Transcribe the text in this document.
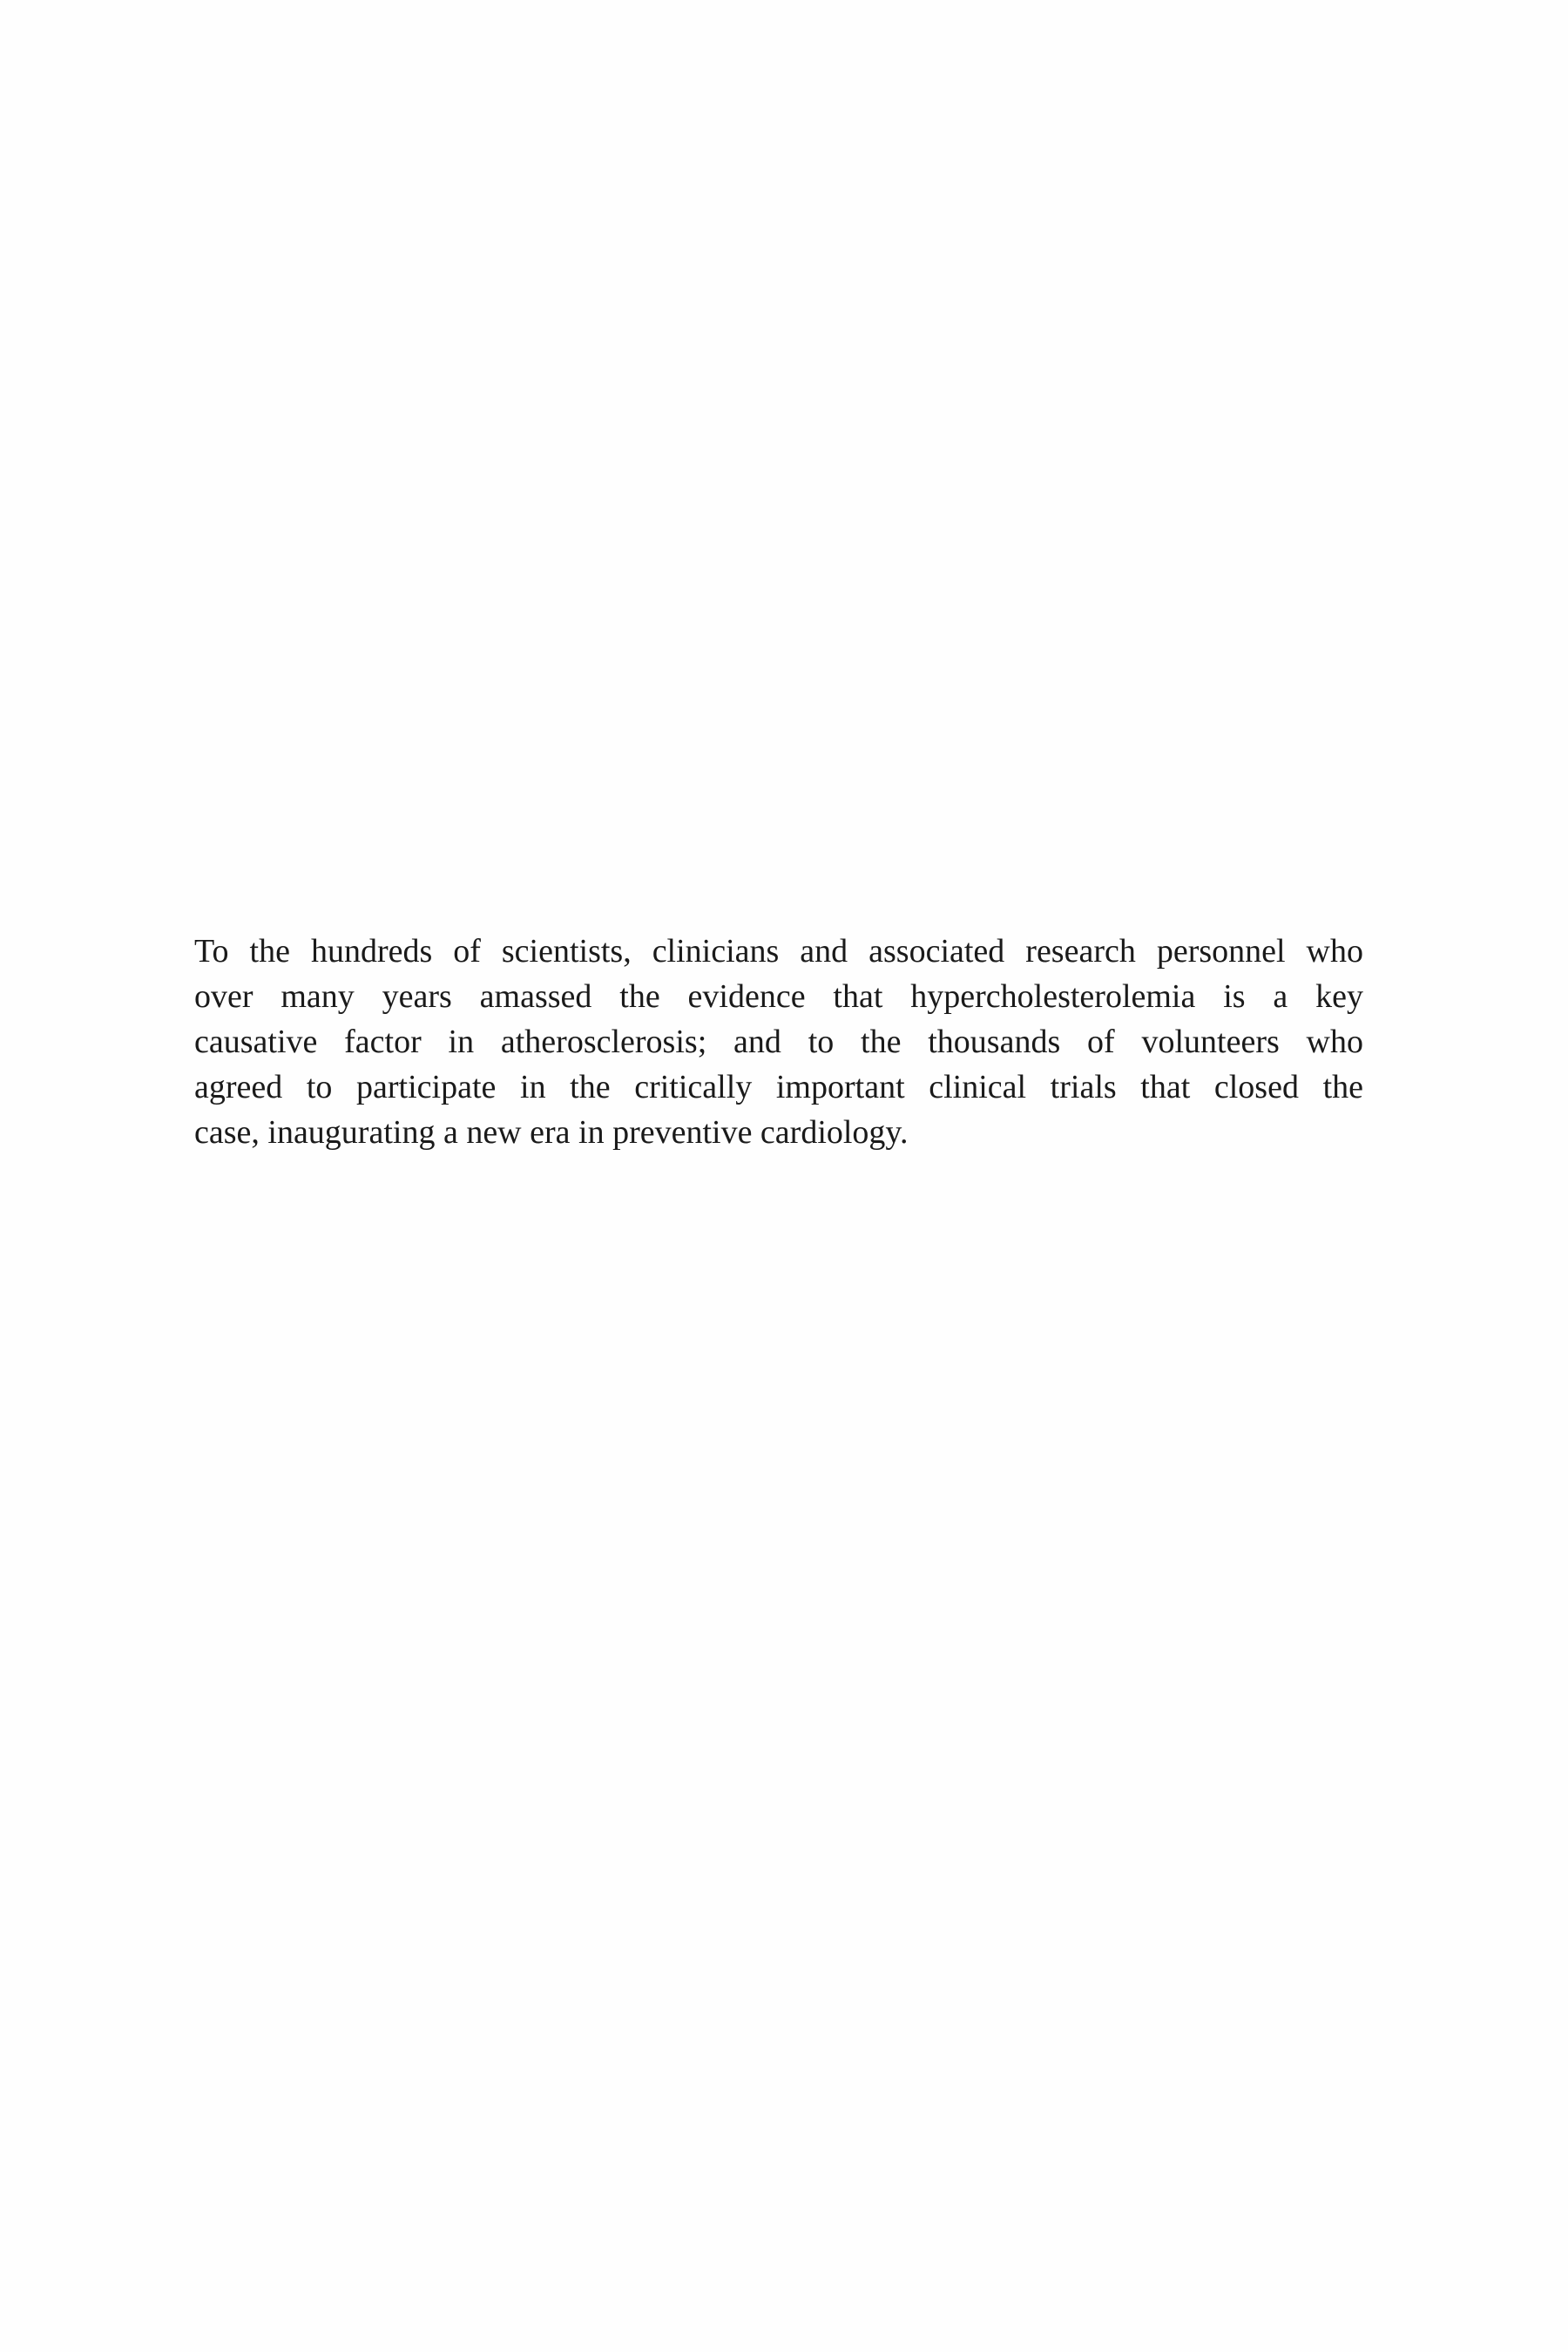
To the hundreds of scientists, clinicians and associated research personnel who
over many years amassed the evidence that hypercholesterolemia is a key
causative factor in atherosclerosis; and to the thousands of volunteers who
agreed to participate in the critically important clinical trials that closed the
case, inaugurating a new era in preventive cardiology.
